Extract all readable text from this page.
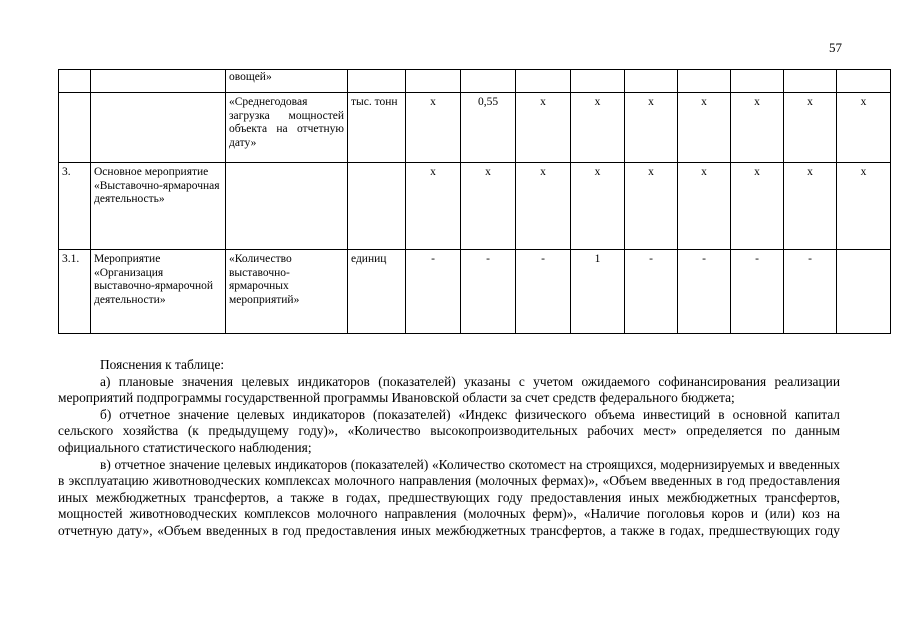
57
		овощей»										
		«Среднегодовая загрузка мощностей объекта на отчетную дату»	тыс. тонн	x	0,55	x	x	x	x	x	x	x
3.	Основное мероприятие «Выставочно-ярмарочная деятельность»			x	x	x	x	x	x	x	x	x
3.1.	Мероприятие «Организация выставочно-ярмарочной деятельности»	«Количество выставочно-ярмарочных мероприятий»	единиц	-	-	-	1	-	-	-	-	

Пояснения к таблице:

а) плановые значения целевых индикаторов (показателей) указаны с учетом ожидаемого софинансирования реализации мероприятий подпрограммы государственной программы Ивановской области за счет средств федерального бюджета;

б) отчетное значение целевых индикаторов (показателей) «Индекс физического объема инвестиций в основной капитал сельского хозяйства (к предыдущему году)», «Количество высокопроизводительных рабочих мест» определяется по данным официального статистического наблюдения;

в) отчетное значение целевых индикаторов (показателей) «Количество скотомест на строящихся, модернизируемых и введенных в эксплуатацию животноводческих комплексах молочного направления (молочных фермах)», «Объем введенных в год предоставления иных межбюджетных трансфертов, а также в годах, предшествующих году предоставления иных межбюджетных трансфертов, мощностей животноводческих комплексов молочного направления (молочных ферм)», «Наличие поголовья коров и (или) коз на отчетную дату», «Объем введенных в год предоставления иных межбюджетных трансфертов, а также в годах, предшествующих году
